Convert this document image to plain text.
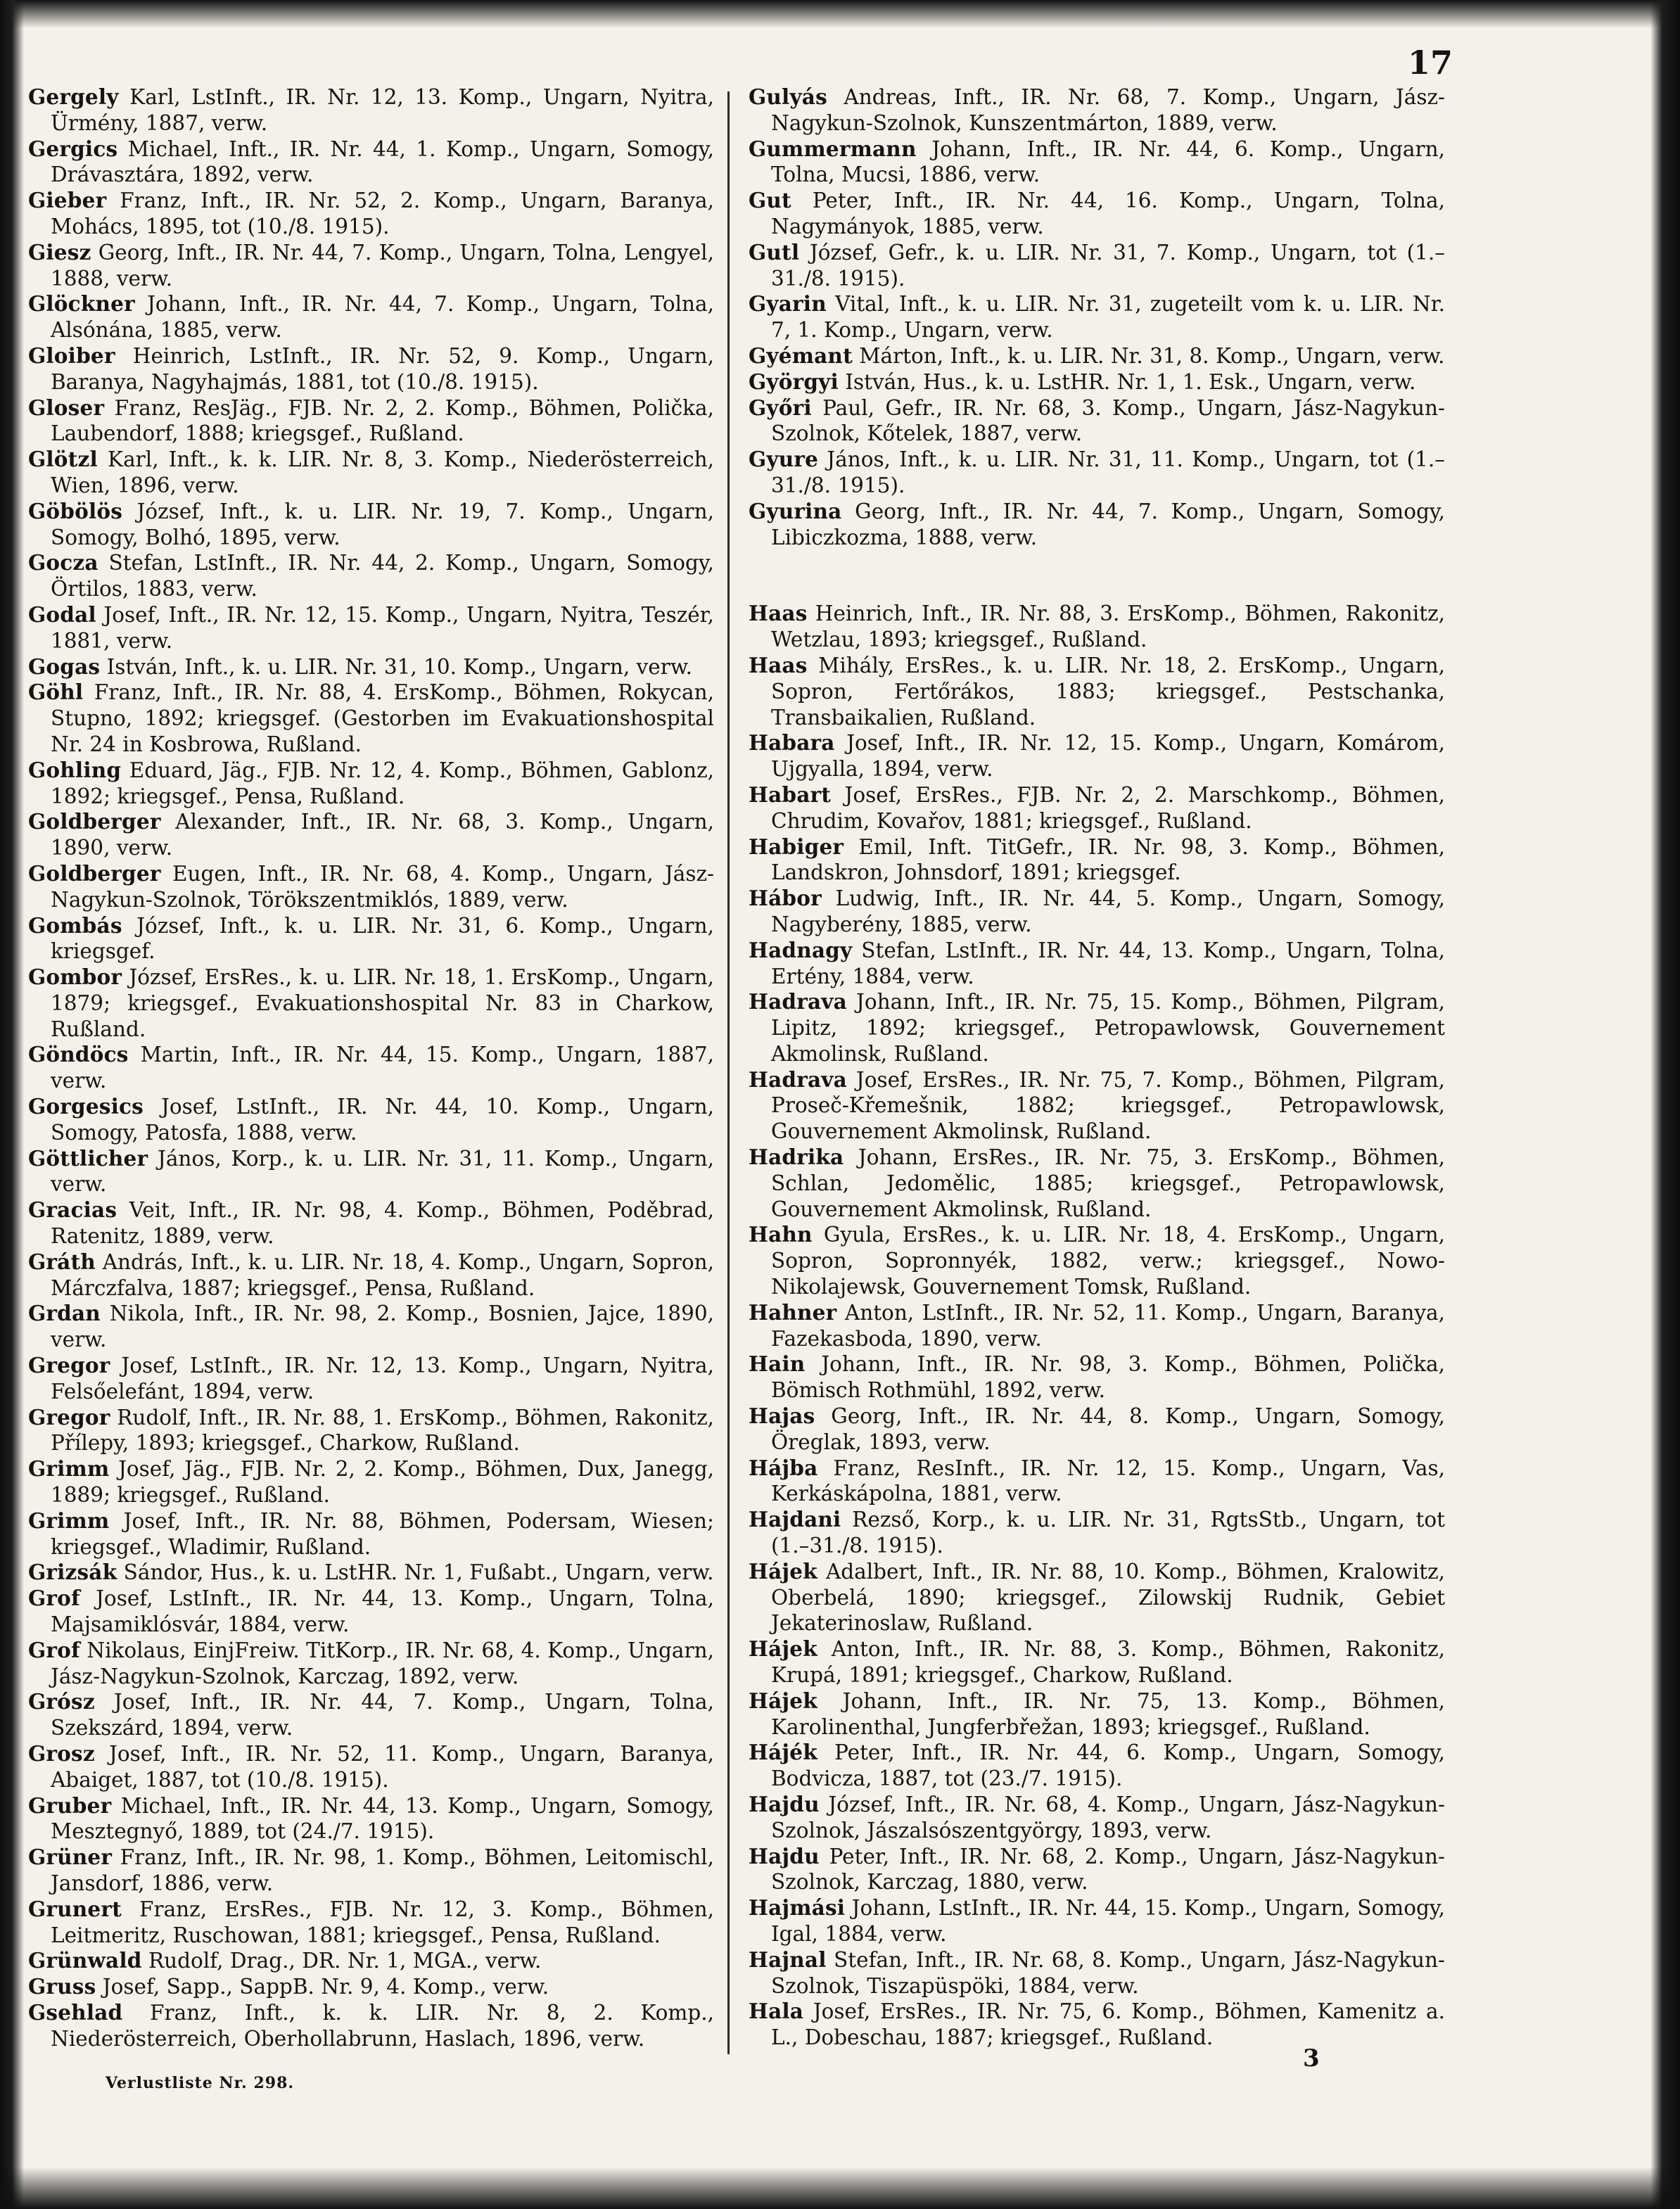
17

Gergely Karl, LstInft., IR. Nr. 12, 13. Komp., Ungarn, Nyitra, Ürmény, 1887, verw.

Gergics Michael, Inft., IR. Nr. 44, 1. Komp., Ungarn, Somogy, Drávasztára, 1892, verw.

Gieber Franz, Inft., IR. Nr. 52, 2. Komp., Ungarn, Baranya, Mohács, 1895, tot (10./8. 1915).

Giesz Georg, Inft., IR. Nr. 44, 7. Komp., Ungarn, Tolna, Lengyel, 1888, verw.

Glöckner Johann, Inft., IR. Nr. 44, 7. Komp., Ungarn, Tolna, Alsónána, 1885, verw.

Gloiber Heinrich, LstInft., IR. Nr. 52, 9. Komp., Ungarn, Baranya, Nagyhajmás, 1881, tot (10./8. 1915).

Gloser Franz, ResJäg., FJB. Nr. 2, 2. Komp., Böhmen, Polička, Laubendorf, 1888; kriegsgef., Rußland.

Glötzl Karl, Inft., k. k. LIR. Nr. 8, 3. Komp., Niederösterreich, Wien, 1896, verw.

Göbölös József, Inft., k. u. LIR. Nr. 19, 7. Komp., Ungarn, Somogy, Bolhó, 1895, verw.

Gocza Stefan, LstInft., IR. Nr. 44, 2. Komp., Ungarn, Somogy, Örtilos, 1883, verw.

Godal Josef, Inft., IR. Nr. 12, 15. Komp., Ungarn, Nyitra, Teszér, 1881, verw.

Gogas István, Inft., k. u. LIR. Nr. 31, 10. Komp., Ungarn, verw.

Göhl Franz, Inft., IR. Nr. 88, 4. ErsKomp., Böhmen, Rokycan, Stupno, 1892; kriegsgef. (Gestorben im Evakuationshospital Nr. 24 in Kosbrowa, Rußland.

Gohling Eduard, Jäg., FJB. Nr. 12, 4. Komp., Böhmen, Gablonz, 1892; kriegsgef., Pensa, Rußland.

Goldberger Alexander, Inft., IR. Nr. 68, 3. Komp., Ungarn, 1890, verw.

Goldberger Eugen, Inft., IR. Nr. 68, 4. Komp., Ungarn, Jász-Nagykun-Szolnok, Törökszentmiklós, 1889, verw.

Gombás József, Inft., k. u. LIR. Nr. 31, 6. Komp., Ungarn, kriegsgef.

Gombor József, ErsRes., k. u. LIR. Nr. 18, 1. ErsKomp., Ungarn, 1879; kriegsgef., Evakuationshospital Nr. 83 in Charkow, Rußland.

Göndöcs Martin, Inft., IR. Nr. 44, 15. Komp., Ungarn, 1887, verw.

Gorgesics Josef, LstInft., IR. Nr. 44, 10. Komp., Ungarn, Somogy, Patosfa, 1888, verw.

Göttlicher János, Korp., k. u. LIR. Nr. 31, 11. Komp., Ungarn, verw.

Gracias Veit, Inft., IR. Nr. 98, 4. Komp., Böhmen, Poděbrad, Ratenitz, 1889, verw.

Gráth András, Inft., k. u. LIR. Nr. 18, 4. Komp., Ungarn, Sopron, Márczfalva, 1887; kriegsgef., Pensa, Rußland.

Grdan Nikola, Inft., IR. Nr. 98, 2. Komp., Bosnien, Jajce, 1890, verw.

Gregor Josef, LstInft., IR. Nr. 12, 13. Komp., Ungarn, Nyitra, Felsőelefánt, 1894, verw.

Gregor Rudolf, Inft., IR. Nr. 88, 1. ErsKomp., Böhmen, Rakonitz, Přílepy, 1893; kriegsgef., Charkow, Rußland.

Grimm Josef, Jäg., FJB. Nr. 2, 2. Komp., Böhmen, Dux, Janegg, 1889; kriegsgef., Rußland.

Grimm Josef, Inft., IR. Nr. 88, Böhmen, Podersam, Wiesen; kriegsgef., Wladimir, Rußland.

Grizsák Sándor, Hus., k. u. LstHR. Nr. 1, Fußabt., Ungarn, verw.

Grof Josef, LstInft., IR. Nr. 44, 13. Komp., Ungarn, Tolna, Majsamiklósvár, 1884, verw.

Grof Nikolaus, EinjFreiw. TitKorp., IR. Nr. 68, 4. Komp., Ungarn, Jász-Nagykun-Szolnok, Karczag, 1892, verw.

Grósz Josef, Inft., IR. Nr. 44, 7. Komp., Ungarn, Tolna, Szekszárd, 1894, verw.

Grosz Josef, Inft., IR. Nr. 52, 11. Komp., Ungarn, Baranya, Abaiget, 1887, tot (10./8. 1915).

Gruber Michael, Inft., IR. Nr. 44, 13. Komp., Ungarn, Somogy, Mesztegnyő, 1889, tot (24./7. 1915).

Grüner Franz, Inft., IR. Nr. 98, 1. Komp., Böhmen, Leitomischl, Jansdorf, 1886, verw.

Grunert Franz, ErsRes., FJB. Nr. 12, 3. Komp., Böhmen, Leitmeritz, Ruschowan, 1881; kriegsgef., Pensa, Rußland.

Grünwald Rudolf, Drag., DR. Nr. 1, MGA., verw.

Gruss Josef, Sapp., SappB. Nr. 9, 4. Komp., verw.

Gsehlad Franz, Inft., k. k. LIR. Nr. 8, 2. Komp., Niederösterreich, Oberhollabrunn, Haslach, 1896, verw.

Gulyás Andreas, Inft., IR. Nr. 68, 7. Komp., Ungarn, Jász-Nagykun-Szolnok, Kunszentmárton, 1889, verw.

Gummermann Johann, Inft., IR. Nr. 44, 6. Komp., Ungarn, Tolna, Mucsi, 1886, verw.

Gut Peter, Inft., IR. Nr. 44, 16. Komp., Ungarn, Tolna, Nagymányok, 1885, verw.

Gutl József, Gefr., k. u. LIR. Nr. 31, 7. Komp., Ungarn, tot (1.–31./8. 1915).

Gyarin Vital, Inft., k. u. LIR. Nr. 31, zugeteilt vom k. u. LIR. Nr. 7, 1. Komp., Ungarn, verw.

Gyémant Márton, Inft., k. u. LIR. Nr. 31, 8. Komp., Ungarn, verw.

Györgyi István, Hus., k. u. LstHR. Nr. 1, 1. Esk., Ungarn, verw.

Győri Paul, Gefr., IR. Nr. 68, 3. Komp., Ungarn, Jász-Nagykun-Szolnok, Kőtelek, 1887, verw.

Gyure János, Inft., k. u. LIR. Nr. 31, 11. Komp., Ungarn, tot (1.–31./8. 1915).

Gyurina Georg, Inft., IR. Nr. 44, 7. Komp., Ungarn, Somogy, Libiczkozma, 1888, verw.

Haas Heinrich, Inft., IR. Nr. 88, 3. ErsKomp., Böhmen, Rakonitz, Wetzlau, 1893; kriegsgef., Rußland.

Haas Mihály, ErsRes., k. u. LIR. Nr. 18, 2. ErsKomp., Ungarn, Sopron, Fertőrákos, 1883; kriegsgef., Pestschanka, Transbaikalien, Rußland.

Habara Josef, Inft., IR. Nr. 12, 15. Komp., Ungarn, Komárom, Ujgyalla, 1894, verw.

Habart Josef, ErsRes., FJB. Nr. 2, 2. Marschkomp., Böhmen, Chrudim, Kovařov, 1881; kriegsgef., Rußland.

Habiger Emil, Inft. TitGefr., IR. Nr. 98, 3. Komp., Böhmen, Landskron, Johnsdorf, 1891; kriegsgef.

Hábor Ludwig, Inft., IR. Nr. 44, 5. Komp., Ungarn, Somogy, Nagyberény, 1885, verw.

Hadnagy Stefan, LstInft., IR. Nr. 44, 13. Komp., Ungarn, Tolna, Ertény, 1884, verw.

Hadrava Johann, Inft., IR. Nr. 75, 15. Komp., Böhmen, Pilgram, Lipitz, 1892; kriegsgef., Petropawlowsk, Gouvernement Akmolinsk, Rußland.

Hadrava Josef, ErsRes., IR. Nr. 75, 7. Komp., Böhmen, Pilgram, Proseč-Křemešnik, 1882; kriegsgef., Petropawlowsk, Gouvernement Akmolinsk, Rußland.

Hadrika Johann, ErsRes., IR. Nr. 75, 3. ErsKomp., Böhmen, Schlan, Jedomělic, 1885; kriegsgef., Petropawlowsk, Gouvernement Akmolinsk, Rußland.

Hahn Gyula, ErsRes., k. u. LIR. Nr. 18, 4. ErsKomp., Ungarn, Sopron, Sopronnyék, 1882, verw.; kriegsgef., Nowo-Nikolajewsk, Gouvernement Tomsk, Rußland.

Hahner Anton, LstInft., IR. Nr. 52, 11. Komp., Ungarn, Baranya, Fazekasboda, 1890, verw.

Hain Johann, Inft., IR. Nr. 98, 3. Komp., Böhmen, Polička, Bömisch Rothmühl, 1892, verw.

Hajas Georg, Inft., IR. Nr. 44, 8. Komp., Ungarn, Somogy, Öreglak, 1893, verw.

Hájba Franz, ResInft., IR. Nr. 12, 15. Komp., Ungarn, Vas, Kerkáskápolna, 1881, verw.

Hajdani Rezső, Korp., k. u. LIR. Nr. 31, RgtsStb., Ungarn, tot (1.–31./8. 1915).

Hájek Adalbert, Inft., IR. Nr. 88, 10. Komp., Böhmen, Kralowitz, Oberbelá, 1890; kriegsgef., Zilowskij Rudnik, Gebiet Jekaterinoslaw, Rußland.

Hájek Anton, Inft., IR. Nr. 88, 3. Komp., Böhmen, Rakonitz, Krupá, 1891; kriegsgef., Charkow, Rußland.

Hájek Johann, Inft., IR. Nr. 75, 13. Komp., Böhmen, Karolinenthal, Jungferbřežan, 1893; kriegsgef., Rußland.

Hájék Peter, Inft., IR. Nr. 44, 6. Komp., Ungarn, Somogy, Bodvicza, 1887, tot (23./7. 1915).

Hajdu József, Inft., IR. Nr. 68, 4. Komp., Ungarn, Jász-Nagykun-Szolnok, Jászalsószentgyörgy, 1893, verw.

Hajdu Peter, Inft., IR. Nr. 68, 2. Komp., Ungarn, Jász-Nagykun-Szolnok, Karczag, 1880, verw.

Hajmási Johann, LstInft., IR. Nr. 44, 15. Komp., Ungarn, Somogy, Igal, 1884, verw.

Hajnal Stefan, Inft., IR. Nr. 68, 8. Komp., Ungarn, Jász-Nagykun-Szolnok, Tiszapüspöki, 1884, verw.

Hala Josef, ErsRes., IR. Nr. 75, 6. Komp., Böhmen, Kamenitz a. L., Dobeschau, 1887; kriegsgef., Rußland.

Verlustliste Nr. 298.
3
